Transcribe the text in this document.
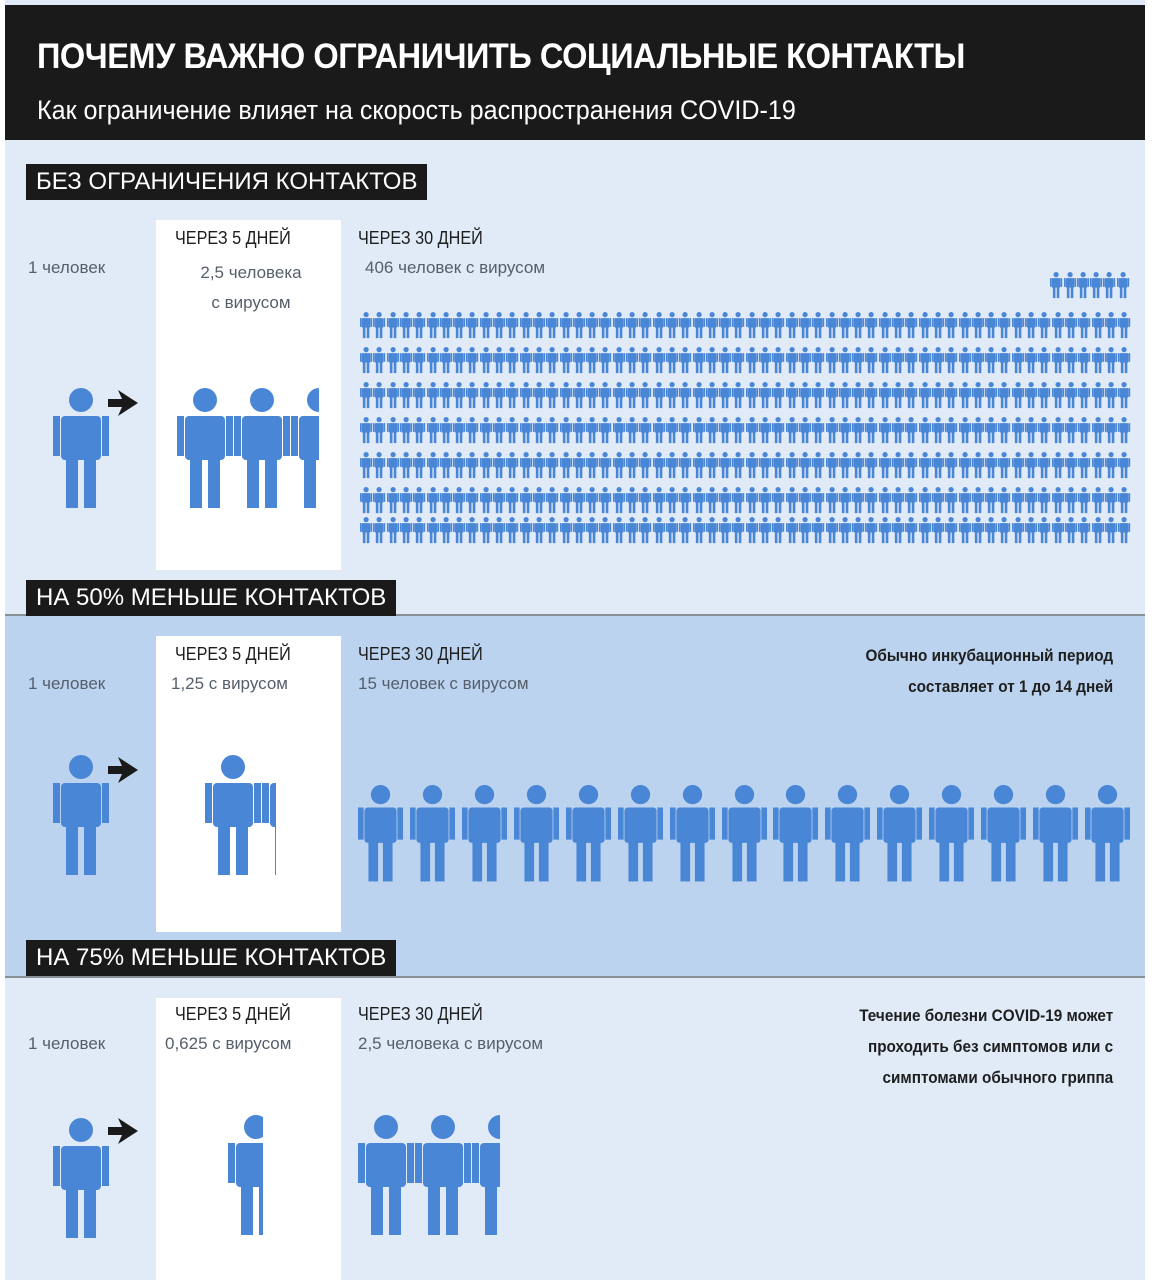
ПОЧЕМУ ВАЖНО ОГРАНИЧИТЬ СОЦИАЛЬНЫЕ КОНТАКТЫ
Как ограничение влияет на скорость распространения COVID-19
БЕЗ ОГРАНИЧЕНИЯ КОНТАКТОВ
1 человек
ЧЕРЕЗ 5 ДНЕЙ
2,5 человека
с вирусом
ЧЕРЕЗ 30 ДНЕЙ
406 человек с вирусом
НА 50% МЕНЬШЕ КОНТАКТОВ
1 человек
ЧЕРЕЗ 5 ДНЕЙ
1,25 с вирусом
ЧЕРЕЗ 30 ДНЕЙ
15 человек с вирусом
Обычно инкубационный период
составляет от 1 до 14 дней
НА 75% МЕНЬШЕ КОНТАКТОВ
1 человек
ЧЕРЕЗ 5 ДНЕЙ
0,625 с вирусом
ЧЕРЕЗ 30 ДНЕЙ
2,5 человека с вирусом
Течение болезни COVID-19 может
проходить без симптомов или с
симптомами обычного гриппа
